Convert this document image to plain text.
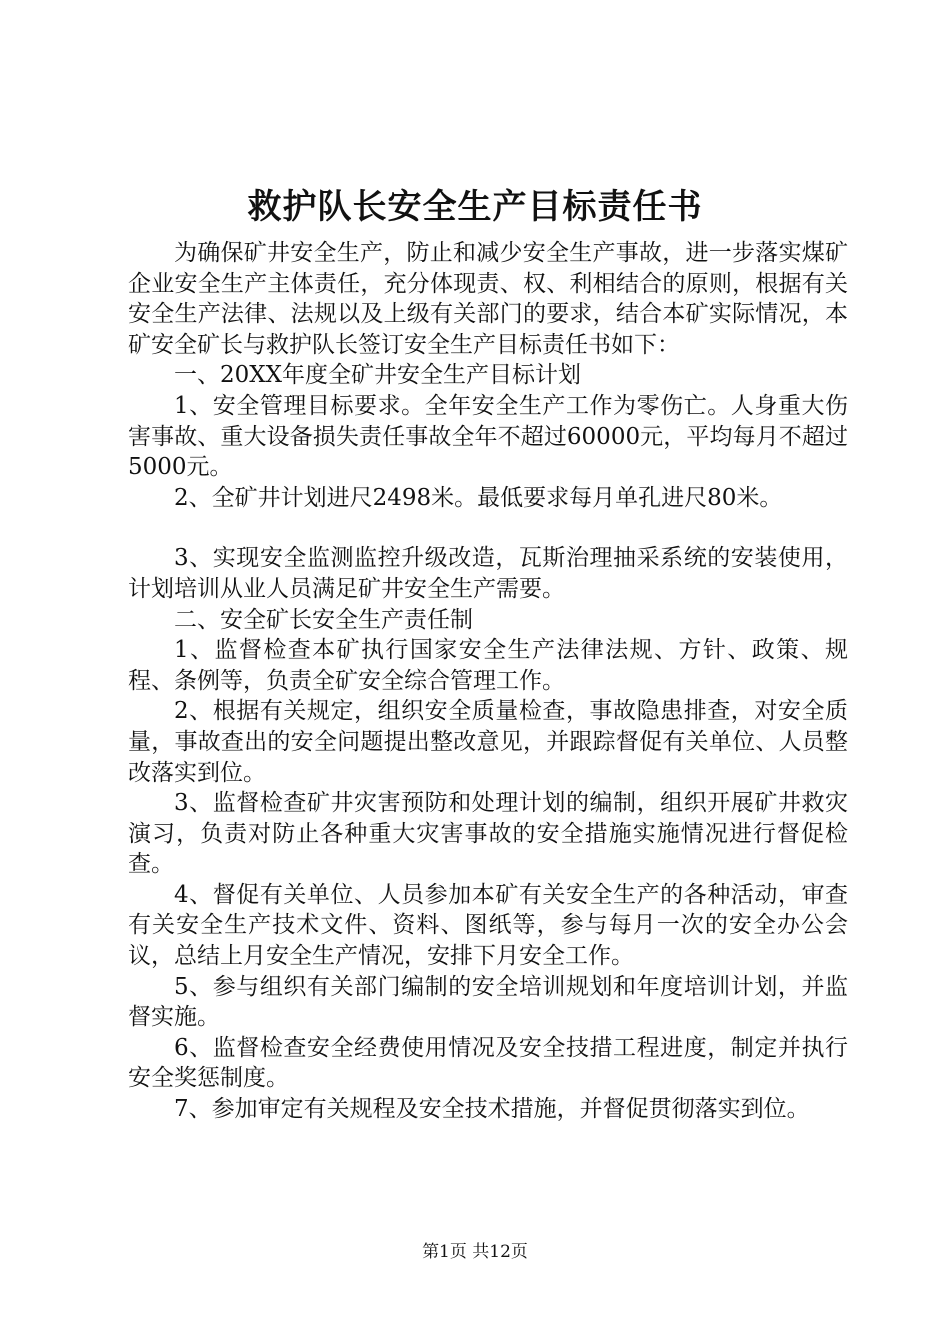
救护队长安全生产目标责任书

为确保矿井安全生产，防止和减少安全生产事故，进一步落实煤矿企业安全生产主体责任，充分体现责、权、利相结合的原则，根据有关安全生产法律、法规以及上级有关部门的要求，结合本矿实际情况，本矿安全矿长与救护队长签订安全生产目标责任书如下：

一、20XX年度全矿井安全生产目标计划

1、安全管理目标要求。全年安全生产工作为零伤亡。人身重大伤害事故、重大设备损失责任事故全年不超过60000元，平均每月不超过5000元。

2、全矿井计划进尺2498米。最低要求每月单孔进尺80米。

3、实现安全监测监控升级改造，瓦斯治理抽采系统的安装使用，计划培训从业人员满足矿井安全生产需要。

二、安全矿长安全生产责任制

1、监督检查本矿执行国家安全生产法律法规、方针、政策、规程、条例等，负责全矿安全综合管理工作。

2、根据有关规定，组织安全质量检查，事故隐患排查，对安全质量，事故查出的安全问题提出整改意见，并跟踪督促有关单位、人员整改落实到位。

3、监督检查矿井灾害预防和处理计划的编制，组织开展矿井救灾演习，负责对防止各种重大灾害事故的安全措施实施情况进行督促检查。

4、督促有关单位、人员参加本矿有关安全生产的各种活动，审查有关安全生产技术文件、资料、图纸等，参与每月一次的安全办公会议，总结上月安全生产情况，安排下月安全工作。

5、参与组织有关部门编制的安全培训规划和年度培训计划，并监督实施。

6、监督检查安全经费使用情况及安全技措工程进度，制定并执行安全奖惩制度。

7、参加审定有关规程及安全技术措施，并督促贯彻落实到位。

第1页 共12页
